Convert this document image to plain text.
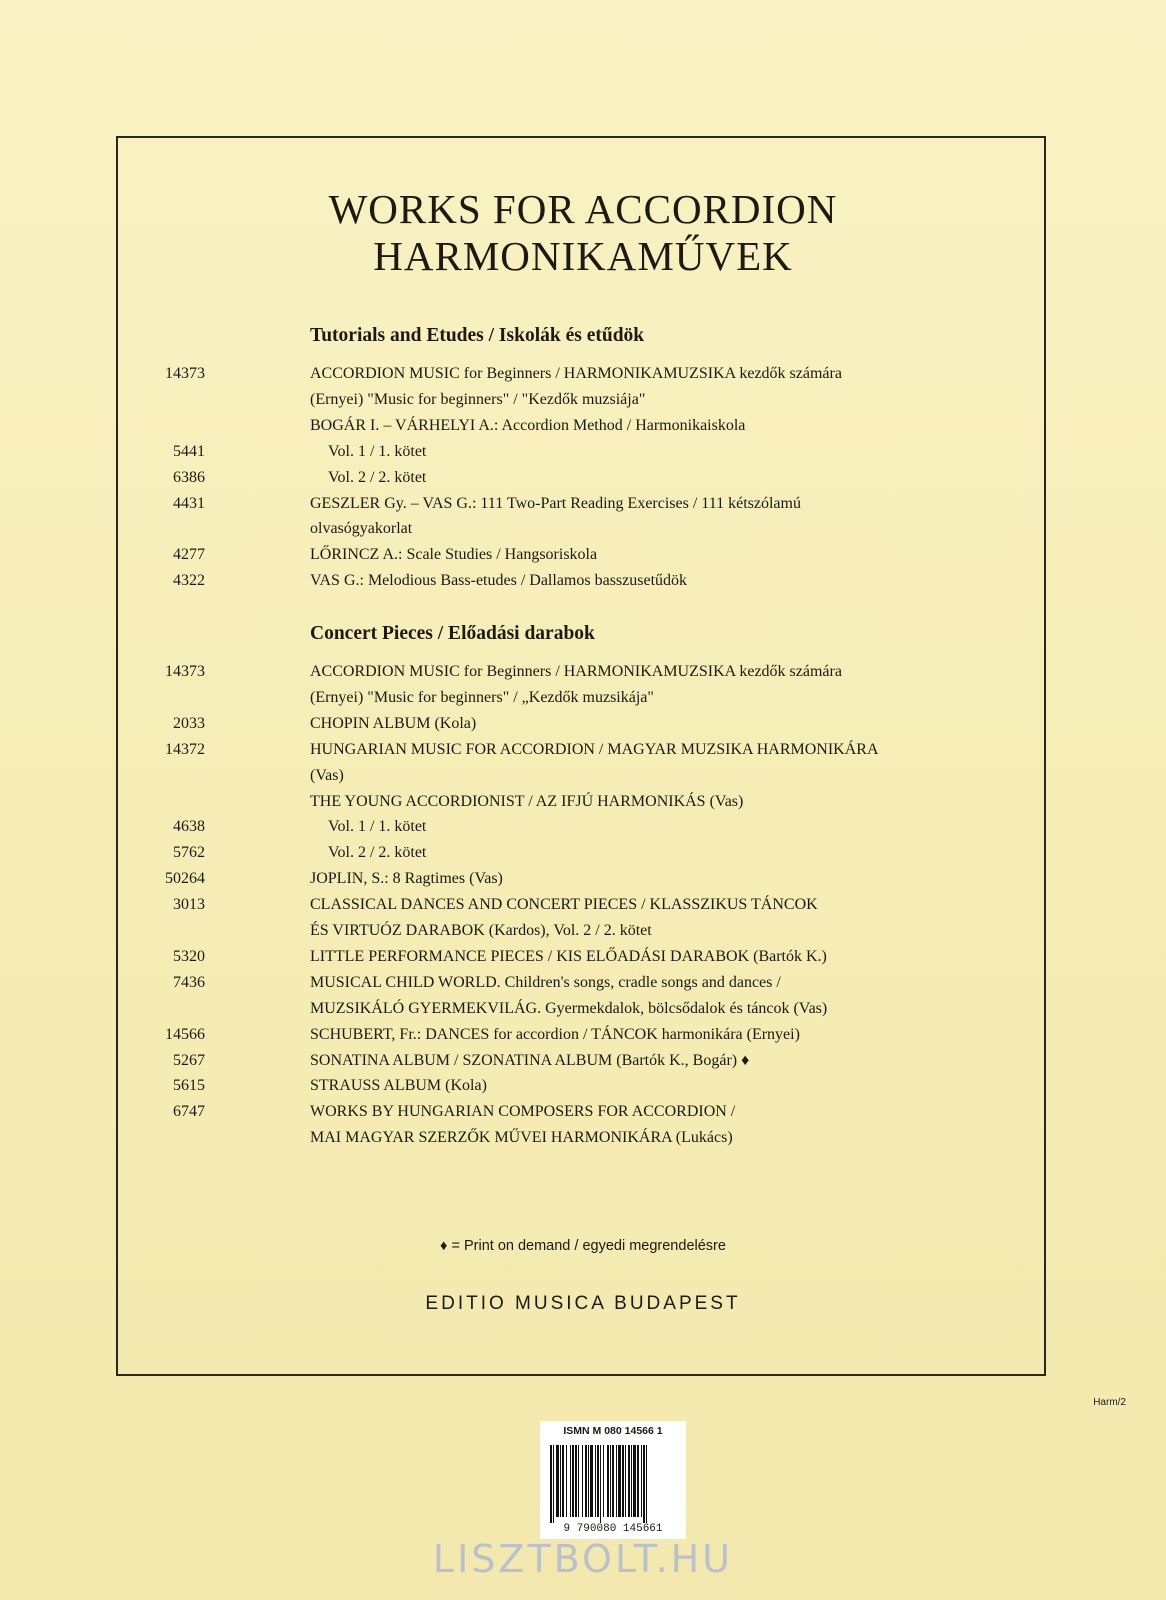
WORKS FOR ACCORDION
HARMONIKAMŰVEK
Tutorials and Etudes / Iskolák és etűdök
14373	ACCORDION MUSIC for Beginners / HARMONIKAMUZSIKA kezdők számára
(Ernyei) "Music for beginners" / "Kezdők muzsiája"
BOGÁR I. – VÁRHELYI A.: Accordion Method / Harmonikaiskola
5441	Vol. 1 / 1. kötet
6386	Vol. 2 / 2. kötet
4431	GESZLER Gy. – VAS G.: 111 Two-Part Reading Exercises / 111 kétszólamú
olvasógyakorlat
4277	LŐRINCZ A.: Scale Studies / Hangsoriskola
4322	VAS G.: Melodious Bass-etudes / Dallamos basszusetűdök
Concert Pieces / Előadási darabok
14373	ACCORDION MUSIC for Beginners / HARMONIKAMUZSIKA kezdők számára
(Ernyei) "Music for beginners" / „Kezdők muzsikája"
2033	CHOPIN ALBUM (Kola)
14372	HUNGARIAN MUSIC FOR ACCORDION / MAGYAR MUZSIKA HARMONIKÁRA
(Vas)
THE YOUNG ACCORDIONIST / AZ IFJÚ HARMONIKÁS (Vas)
4638	Vol. 1 / 1. kötet
5762	Vol. 2 / 2. kötet
50264	JOPLIN, S.: 8 Ragtimes (Vas)
3013	CLASSICAL DANCES AND CONCERT PIECES / KLASSZIKUS TÁNCOK
ÉS VIRTUÓZ DARABOK (Kardos), Vol. 2 / 2. kötet
5320	LITTLE PERFORMANCE PIECES / KIS ELŐADÁSI DARABOK (Bartók K.)
7436	MUSICAL CHILD WORLD. Children's songs, cradle songs and dances /
MUZSIKÁLÓ GYERMEKVILÁG. Gyermekdalok, bölcsődalok és táncok (Vas)
14566	SCHUBERT, Fr.: DANCES for accordion / TÁNCOK harmonikára (Ernyei)
5267	SONATINA ALBUM / SZONATINA ALBUM (Bartók K., Bogár) ♦
5615	STRAUSS ALBUM (Kola)
6747	WORKS BY HUNGARIAN COMPOSERS FOR ACCORDION /
MAI MAGYAR SZERZŐK MŰVEI HARMONIKÁRA (Lukács)
♦ = Print on demand / egyedi megrendelésre
EDITIO MUSICA BUDAPEST
Harm/2
ISMN M 080 14566 1
9 790080 145661
LISZTBOLT.HU
